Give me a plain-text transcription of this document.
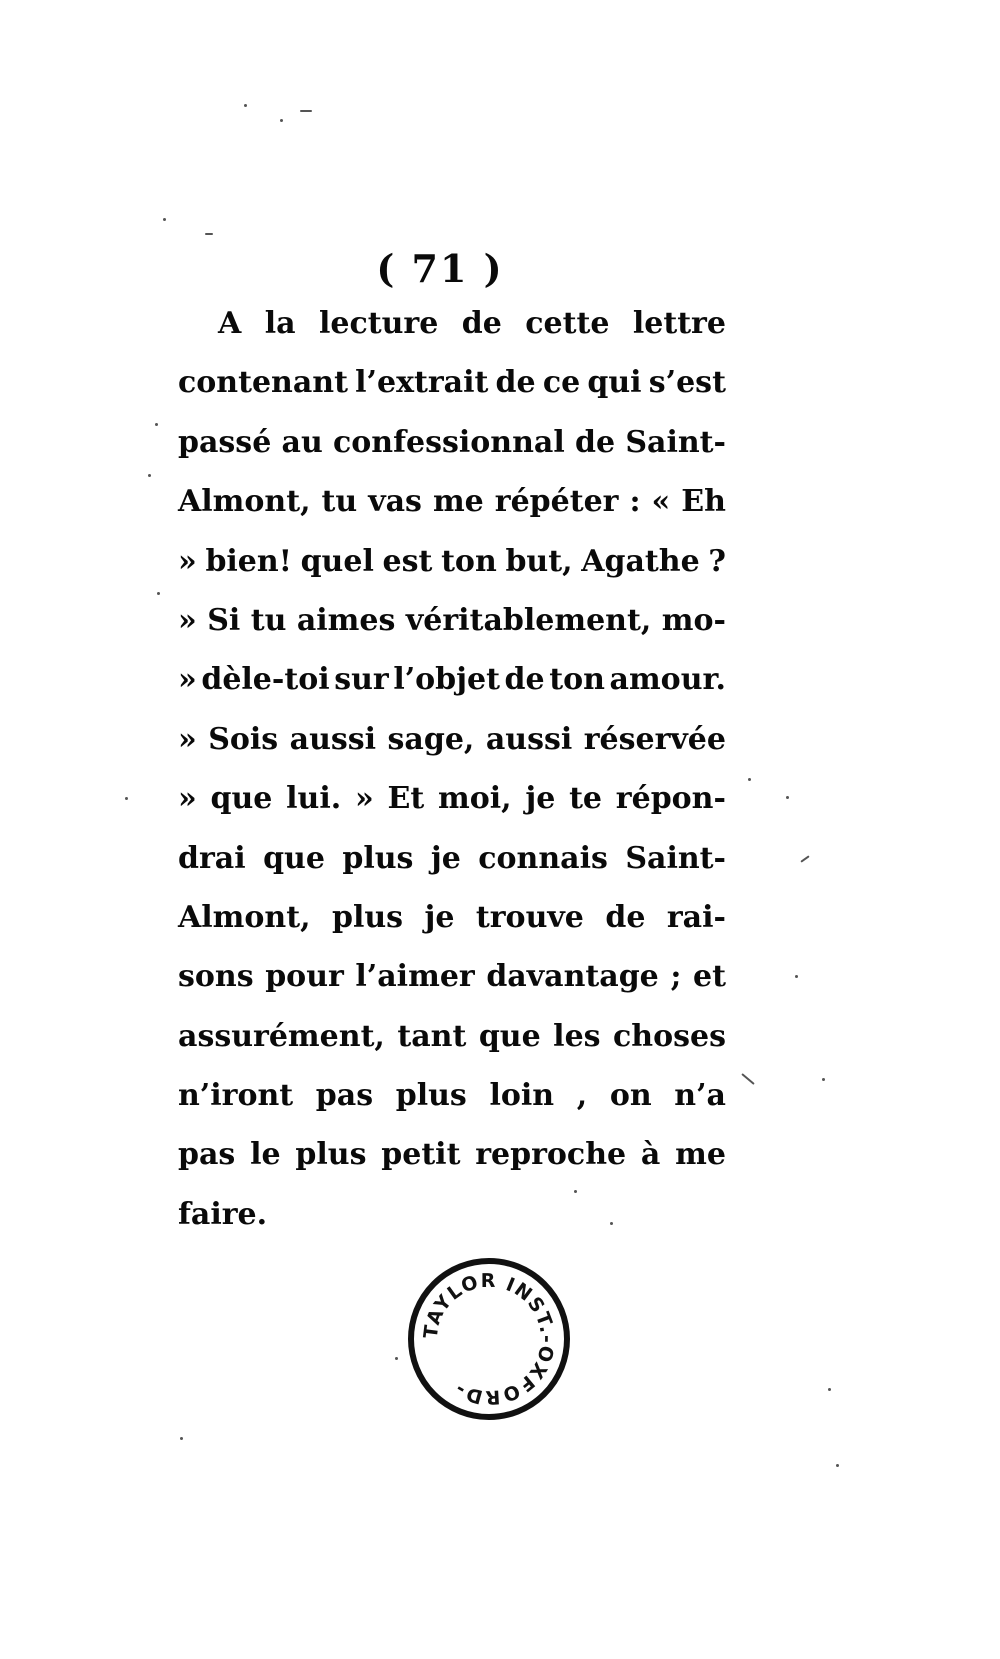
( 71 )
A la lecture de cette lettre
contenant l’extrait de ce qui s’est
passé au confessionnal de Saint-
Almont, tu vas me répéter : « Eh
» bien! quel est ton but, Agathe ?
» Si tu aimes véritablement, mo-
» dèle-toi sur l’objet de ton amour.
» Sois aussi sage, aussi réservée
» que lui. » Et moi, je te répon-
drai que plus je connais Saint-
Almont, plus je trouve de rai-
sons pour l’aimer davantage ; et
assurément, tant que les choses
n’iront pas plus loin , on n’a
pas le plus petit reproche à me
faire.
TAYLOR INST.-OXFORD-
